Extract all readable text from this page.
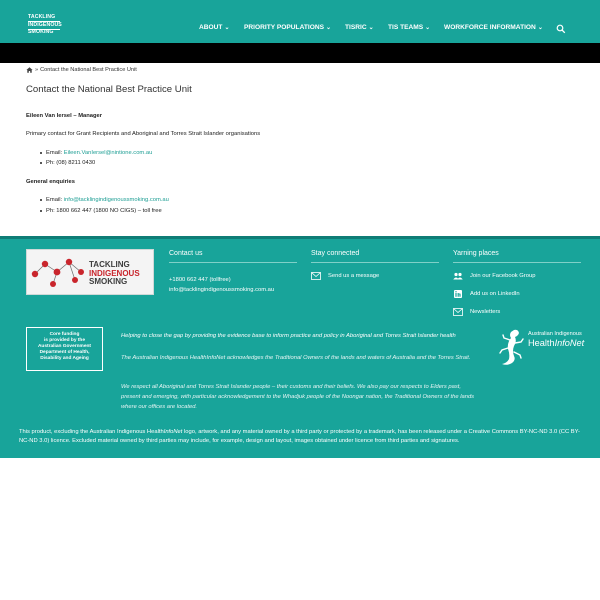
TACKLING
INDIGENOUS
SMOKING
ABOUT ⌄ PRIORITY POPULATIONS ⌄ TISRIC ⌄ TIS TEAMS ⌄ WORKFORCE INFORMATION ⌄
» Contact the National Best Practice Unit
Contact the National Best Practice Unit
Eileen Van Iersel – Manager
Primary contact for Grant Recipients and Aboriginal and Torres Strait Islander organisations
Email: Eileen.VanIersel@nintione.com.au
Ph: (08) 8211 0430
General enquiries
Email: info@tacklingindigenoussmoking.com.au
Ph: 1800 662 447 (1800 NO CIGS) – toll free
TACKLING
INDIGENOUS
SMOKING
Contact us
+1800 662 447 (tollfree)
info@tacklingindigenoussmoking.com.au
Stay connected
Send us a message
Yarning places
Join our Facebook Group
Add us on LinkedIn
Newsletters
Core funding
is provided by the
Australian Government
Department of Health,
Disability and Ageing
Helping to close the gap by providing the evidence base to inform practice and policy in Aboriginal and Torres Strait Islander health
The Australian Indigenous HealthInfoNet acknowledges the Traditional Owners of the lands and waters of Australia and the Torres Strait.
We respect all Aboriginal and Torres Strait Islander people – their customs and their beliefs. We also pay our respects to Elders past, present and emerging, with particular acknowledgement to the Whadjuk people of the Noongar nation, the Traditional Owners of the lands where our offices are located.
Australian Indigenous
HealthInfoNet
This product, excluding the Australian Indigenous HealthInfoNet logo, artwork, and any material owned by a third party or protected by a trademark, has been released under a Creative Commons BY-NC-ND 3.0 (CC BY-NC-ND 3.0) licence. Excluded material owned by third parties may include, for example, design and layout, images obtained under licence from third parties and signatures.
